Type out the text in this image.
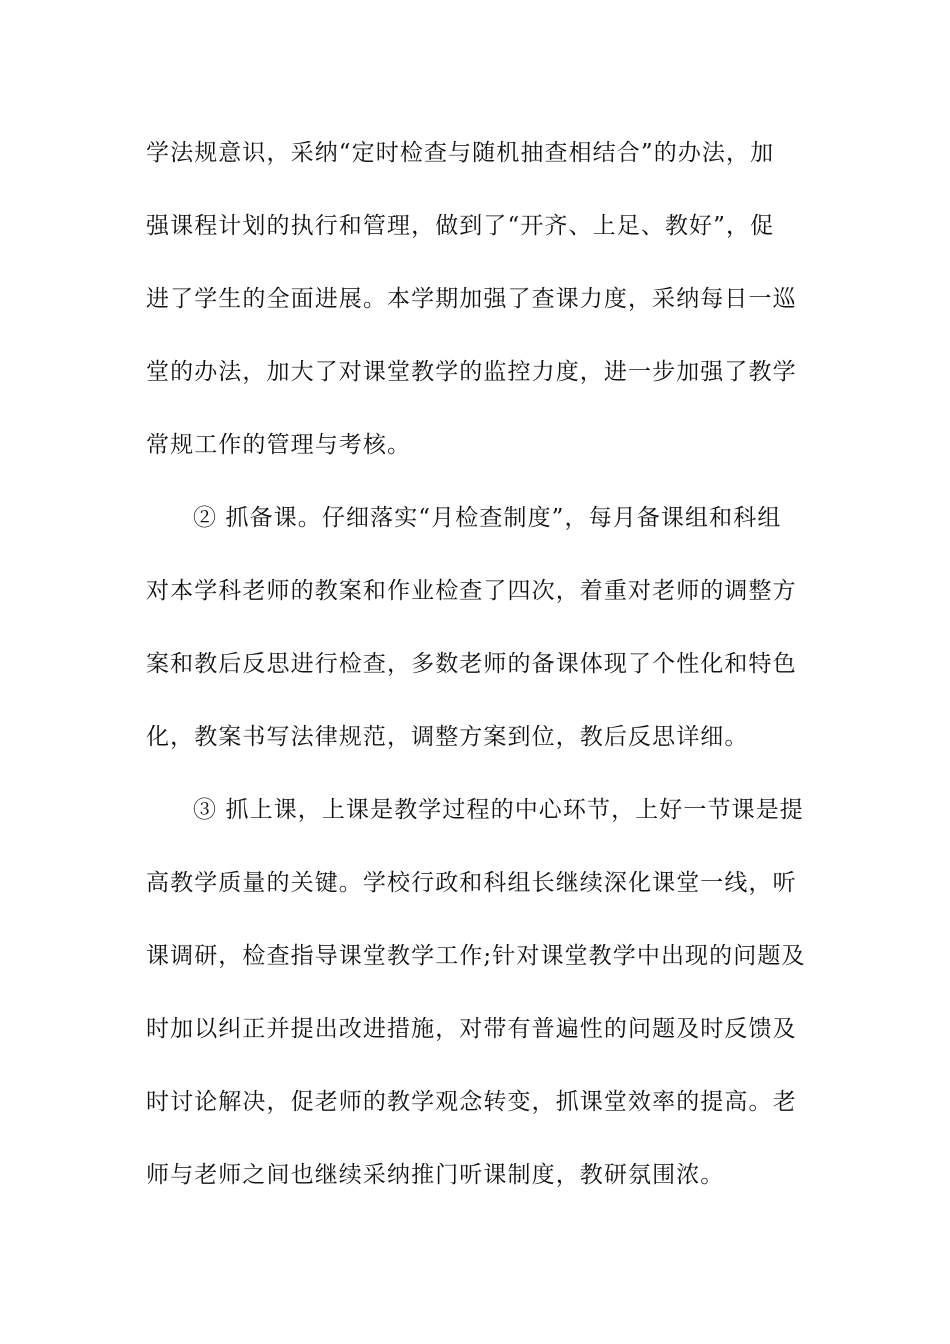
学法规意识，采纳“定时检查与随机抽查相结合”的办法，加
强课程计划的执行和管理，做到了“开齐、上足、教好”，促
进了学生的全面进展。本学期加强了查课力度，采纳每日一巡
堂的办法，加大了对课堂教学的监控力度，进一步加强了教学
常规工作的管理与考核。
② 抓备课。仔细落实“月检查制度”，每月备课组和科组
对本学科老师的教案和作业检查了四次，着重对老师的调整方
案和教后反思进行检查，多数老师的备课体现了个性化和特色
化，教案书写法律规范，调整方案到位，教后反思详细。
③ 抓上课，上课是教学过程的中心环节，上好一节课是提
高教学质量的关键。学校行政和科组长继续深化课堂一线，听
课调研，检查指导课堂教学工作;针对课堂教学中出现的问题及
时加以纠正并提出改进措施，对带有普遍性的问题及时反馈及
时讨论解决，促老师的教学观念转变，抓课堂效率的提高。老
师与老师之间也继续采纳推门听课制度，教研氛围浓。
